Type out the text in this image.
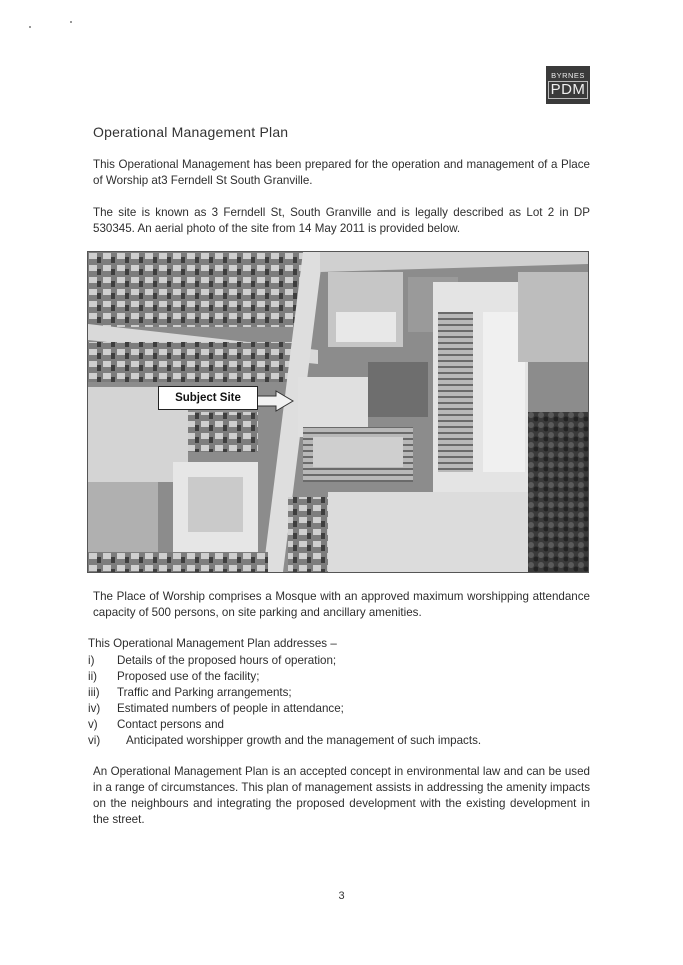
BYRNES
PDM
Operational Management Plan
This Operational Management has been prepared for the operation and management of a Place of Worship at3 Ferndell St South Granville.
The site is known as 3 Ferndell St, South Granville and is legally described as Lot 2 in DP 530345. An aerial photo of the site from 14 May 2011 is provided below.
Subject Site
The Place of Worship comprises a Mosque with an approved maximum worshipping attendance capacity of 500 persons, on site parking and ancillary amenities.
This Operational Management Plan addresses –
i)	Details of the proposed hours of operation;
ii)	Proposed use of the facility;
iii)	Traffic and Parking arrangements;
iv)	Estimated numbers of people in attendance;
v)	Contact persons and
vi)	Anticipated worshipper growth and the management of such impacts.
An Operational Management Plan is an accepted concept in environmental law and can be used in a range of circumstances. This plan of management assists in addressing the amenity impacts on the neighbours and integrating the proposed development with the existing development in the street.
3
